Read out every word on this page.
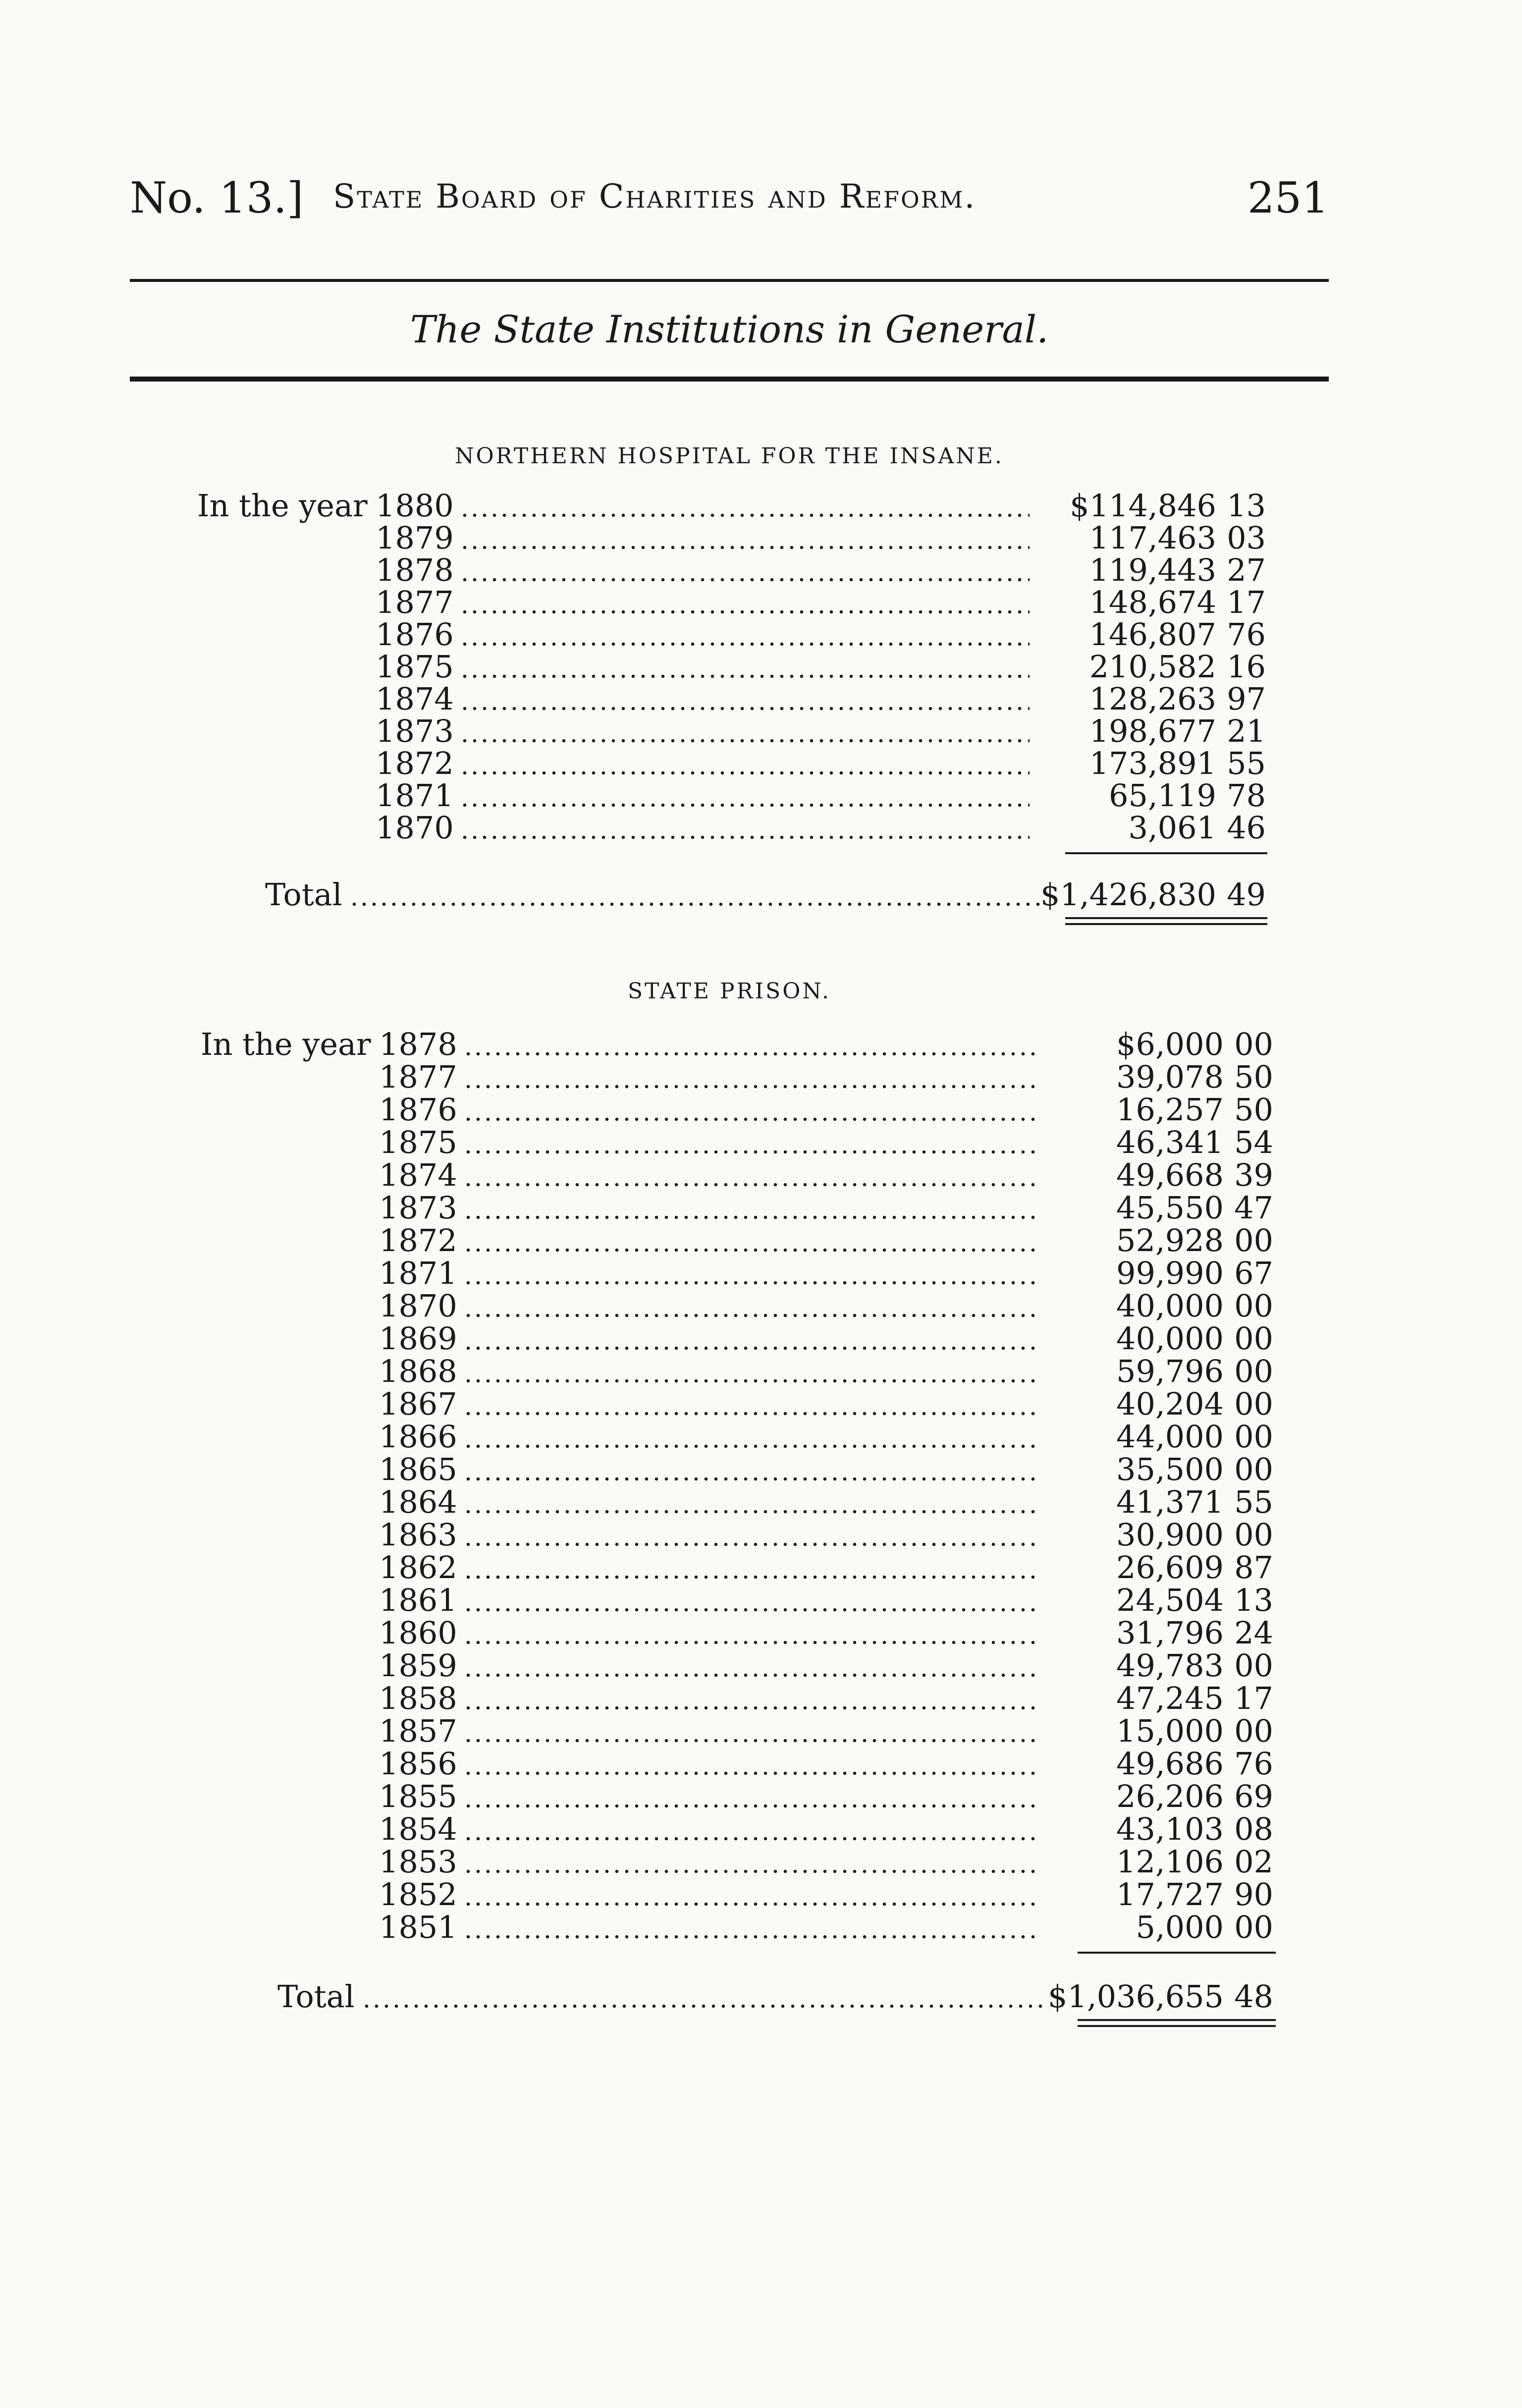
No. 13.] State Board of Charities and Reform.	251
The State Institutions in General.
NORTHERN HOSPITAL FOR THE INSANE.
In the year 1880	$114,846 13
1879	117,463 03
1878	119,443 27
1877	148,674 17
1876	146,807 76
1875	210,582 16
1874	128,263 97
1873	198,677 21
1872	173,891 55
1871	65,119 78
1870	3,061 46
Total	$1,426,830 49
STATE PRISON.
In the year 1878	$6,000 00
1877	39,078 50
1876	16,257 50
1875	46,341 54
1874	49,668 39
1873	45,550 47
1872	52,928 00
1871	99,990 67
1870	40,000 00
1869	40,000 00
1868	59,796 00
1867	40,204 00
1866	44,000 00
1865	35,500 00
1864	41,371 55
1863	30,900 00
1862	26,609 87
1861	24,504 13
1860	31,796 24
1859	49,783 00
1858	47,245 17
1857	15,000 00
1856	49,686 76
1855	26,206 69
1854	43,103 08
1853	12,106 02
1852	17,727 90
1851	5,000 00
Total	$1,036,655 48
